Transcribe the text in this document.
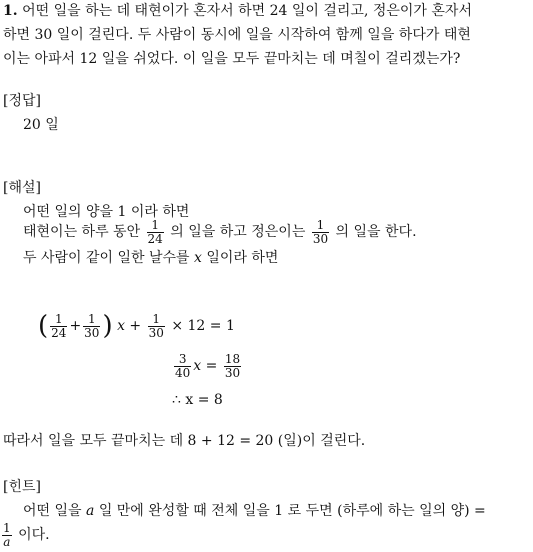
1. 어떤 일을 하는 데 태현이가 혼자서 하면 24 일이 걸리고, 정은이가 혼자서
하면 30 일이 걸린다. 두 사람이 동시에 일을 시작하여 함께 일을 하다가 태현
이는 아파서 12 일을 쉬었다. 이 일을 모두 끝마치는 데 며칠이 걸리겠는가?
[정답]
20 일
[해설]
어떤 일의 양을 1 이라 하면
태현이는 하루 동안 $\frac{1}{24}$ 의 일을 하고 정은이는 $\frac{1}{30}$ 의 일을 한다.
두 사람이 같이 일한 날수를 x 일이라 하면
( $\frac{1}{24} + \frac{1}{30}$ ) $x + \frac{1}{30} \times 12 = 1$
$\frac{3}{40}$ $x = \frac{18}{30}$
∴ x = 8
따라서 일을 모두 끝마치는 데 8 + 12 = 20 (일)이 걸린다.
[힌트]
어떤 일을 a 일 만에 완성할 때 전체 일을 1 로 두면 (하루에 하는 일의 양) =
$\frac{1}{a}$ 이다.
